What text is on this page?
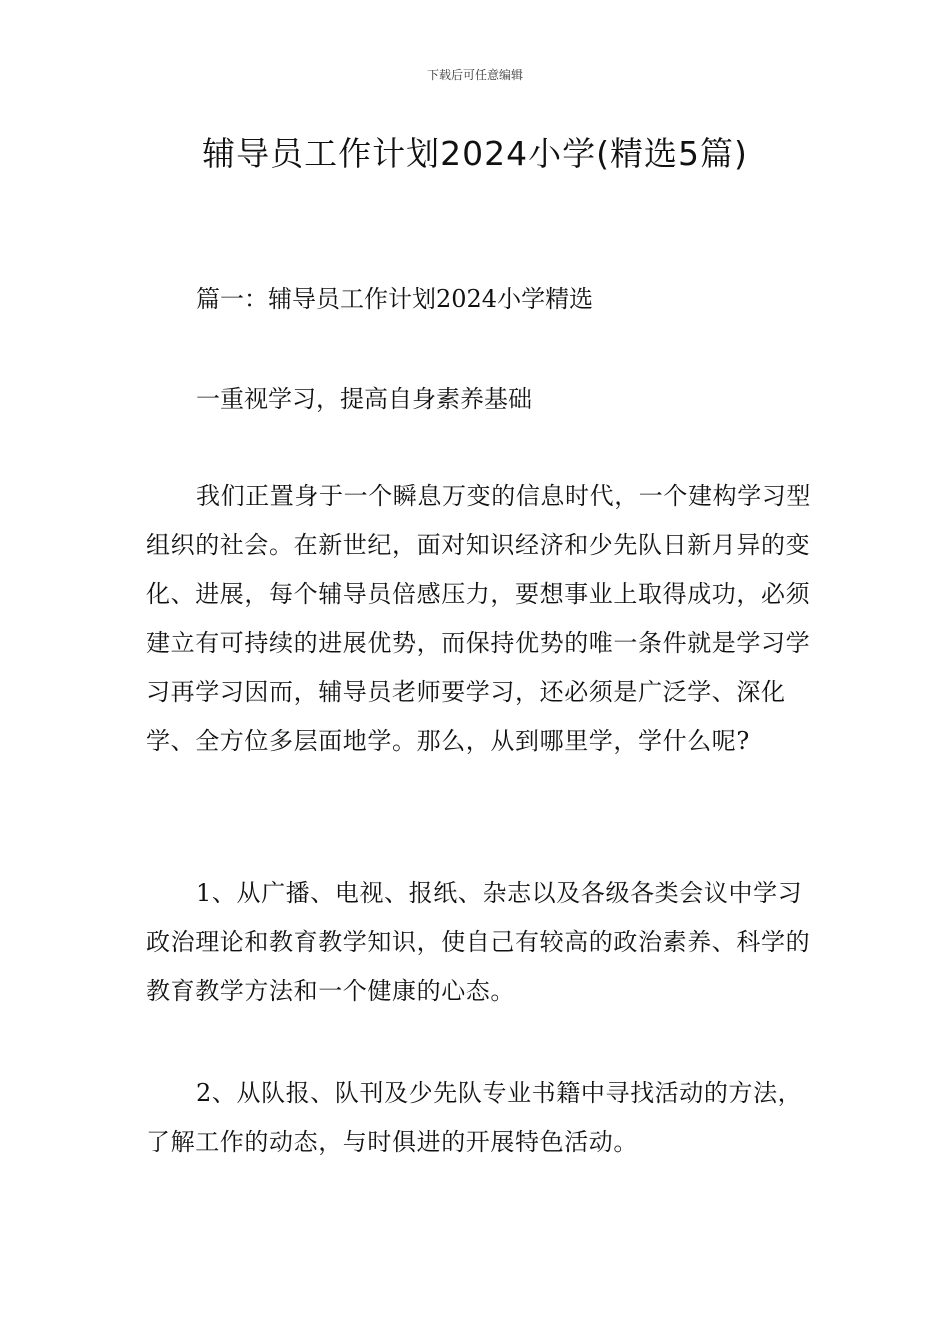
下载后可任意编辑
辅导员工作计划2024小学(精选5篇)
篇一：辅导员工作计划2024小学精选
一重视学习，提高自身素养基础

我们正置身于一个瞬息万变的信息时代，一个建构学习型组织的社会。在新世纪，面对知识经济和少先队日新月异的变化、进展，每个辅导员倍感压力，要想事业上取得成功，必须建立有可持续的进展优势，而保持优势的唯一条件就是学习学习再学习因而，辅导员老师要学习，还必须是广泛学、深化学、全方位多层面地学。那么，从到哪里学，学什么呢?

1、从广播、电视、报纸、杂志以及各级各类会议中学习政治理论和教育教学知识，使自己有较高的政治素养、科学的教育教学方法和一个健康的心态。

2、从队报、队刊及少先队专业书籍中寻找活动的方法，了解工作的动态，与时俱进的开展特色活动。
